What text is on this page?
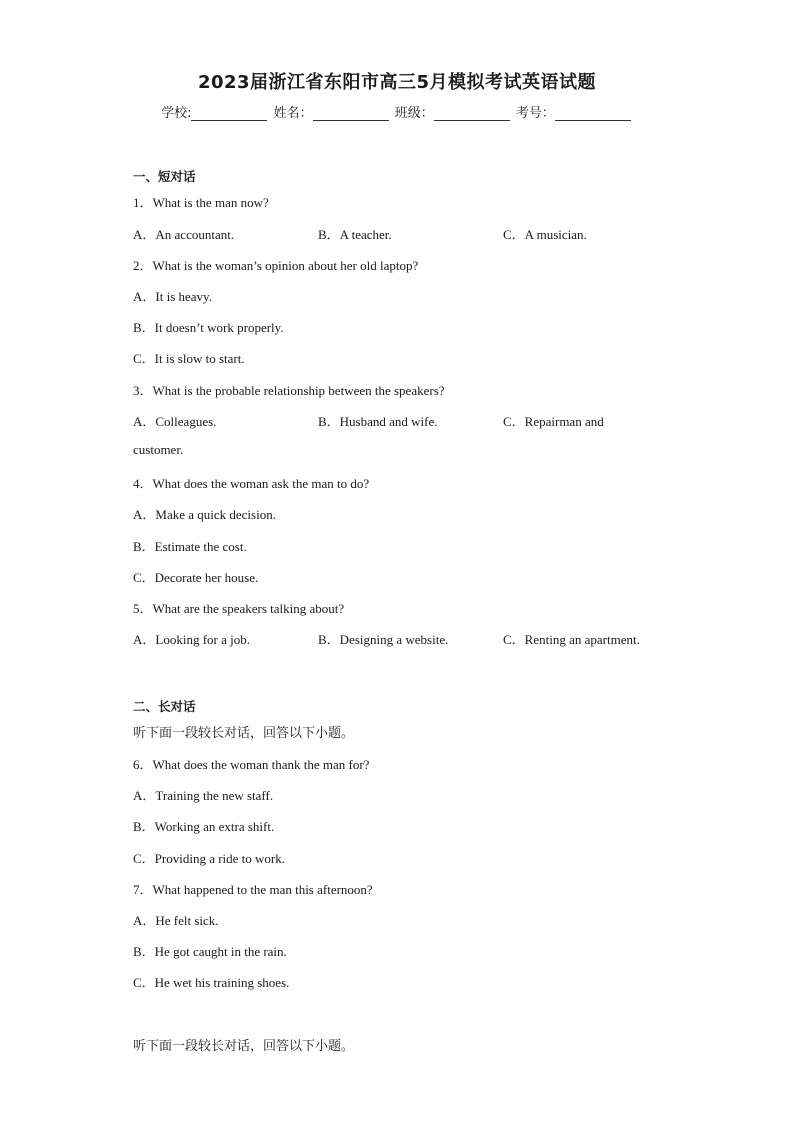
2023届浙江省东阳市高三5月模拟考试英语试题
学校:	姓名：	班级：	考号：
一、短对话
1．What is the man now?
A．An accountant.	B．A teacher.	C．A musician.
2．What is the woman’s opinion about her old laptop?
A．It is heavy.
B．It doesn’t work properly.
C．It is slow to start.
3．What is the probable relationship between the speakers?
A．Colleagues.	B．Husband and wife.	C．Repairman and
customer.
4．What does the woman ask the man to do?
A．Make a quick decision.
B．Estimate the cost.
C．Decorate her house.
5．What are the speakers talking about?
A．Looking for a job.	B．Designing a website.	C．Renting an apartment.
二、长对话
听下面一段较长对话，回答以下小题。
6．What does the woman thank the man for?
A．Training the new staff.
B．Working an extra shift.
C．Providing a ride to work.
7．What happened to the man this afternoon?
A．He felt sick.
B．He got caught in the rain.
C．He wet his training shoes.
听下面一段较长对话，回答以下小题。
